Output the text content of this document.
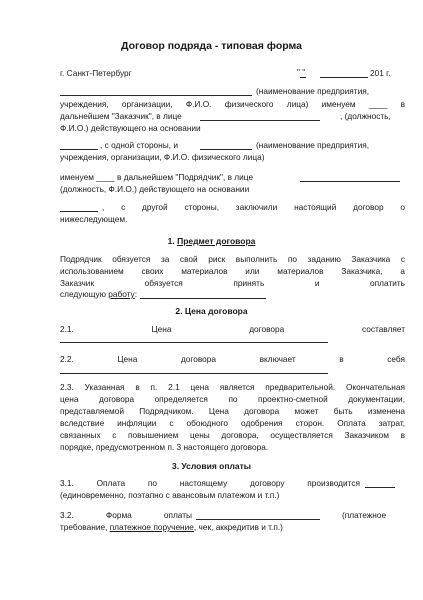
Договор подряда - типовая форма
г. Санкт-Петербург	" "	201 г.
(наименование предприятия,
учреждения, организации, Ф.И.О. физического лица) именуем ____ в
дальнейшем "Заказчик", в лице	, (должность,
Ф.И.О.) действующего на основании
, с одной стороны, и	(наименование предприятия,
учреждения, организации, Ф.И.О. физического лица)
именуем ____ в дальнейшем "Подрядчик", в лице
(должность, Ф.И.О.) действующего на основании
, с другой стороны, заключили настоящий договор о
нижеследующем.
1. Предмет договора
Подрядчик обязуется за свой риск выполнить по заданию Заказчика с
использованием своих материалов или материалов Заказчика, а
Заказчик обязуется принять и оплатить
следующую работу:
2. Цена договора
2.1. Цена договора составляет
2.2. Цена договора включает в себя
2.3. Указанная в п. 2.1 цена является предварительной. Окончательная
цена договора определяется по проектно-сметной документации,
представляемой Подрядчиком. Цена договора может быть изменена
вследствие инфляции с обоюдного одобрения сторон. Оплата затрат,
связанных с повышением цены договора, осуществляется Заказчиком в
порядке, предусмотренном п. 3 настоящего договора.
3. Условия оплаты
3.1. Оплата по настоящему договору производится
(единовременно, поэтапно с авансовым платежом и т.п.)
3.2. Форма оплаты	(платежное
требование, платежное поручение, чек, аккредитив и т.п.)
